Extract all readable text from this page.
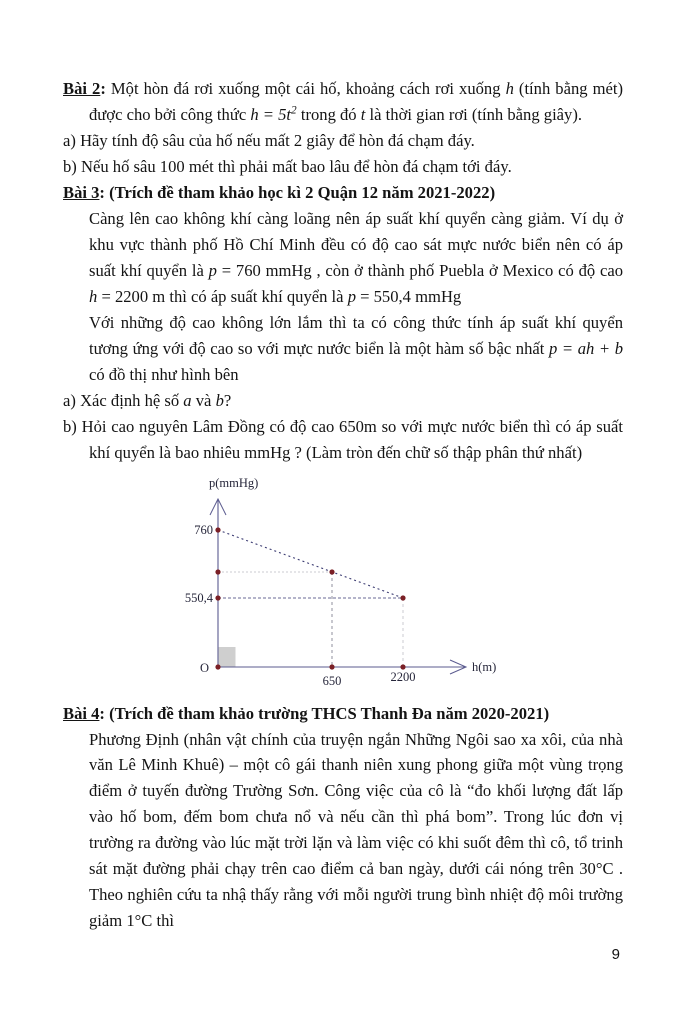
Bài 2: Một hòn đá rơi xuống một cái hố, khoảng cách rơi xuống h (tính bằng mét) được cho bởi công thức $h = 5t^2$ trong đó t là thời gian rơi (tính bằng giây).

a) Hãy tính độ sâu của hố nếu mất 2 giây để hòn đá chạm đáy.

b) Nếu hố sâu 100 mét thì phải mất bao lâu để hòn đá chạm tới đáy.

Bài 3: (Trích đề tham khảo học kì 2 Quận 12 năm 2021-2022)

Càng lên cao không khí càng loãng nên áp suất khí quyển càng giảm. Ví dụ ở khu vực thành phố Hồ Chí Minh đều có độ cao sát mực nước biển nên có áp suất khí quyển là p = 760 mmHg , còn ở thành phố Puebla ở Mexico có độ cao h = 2200 m thì có áp suất khí quyển là p = 550,4 mmHg

Với những độ cao không lớn lắm thì ta có công thức tính áp suất khí quyển tương ứng với độ cao so với mực nước biển là một hàm số bậc nhất p = ah + b có đồ thị như hình bên

a) Xác định hệ số a và b?

b) Hỏi cao nguyên Lâm Đồng có độ cao 650m so với mực nước biển thì có áp suất khí quyển là bao nhiêu mmHg ? (Làm tròn đến chữ số thập phân thứ nhất)

p(mmHg)
760
550,4
O
650	2200
h(m)

Bài 4: (Trích đề tham khảo trường THCS Thanh Đa năm 2020-2021)

Phương Định (nhân vật chính của truyện ngắn Những Ngôi sao xa xôi, của nhà văn Lê Minh Khuê) – một cô gái thanh niên xung phong giữa một vùng trọng điểm ở tuyến đường Trường Sơn. Công việc của cô là “đo khối lượng đất lấp vào hố bom, đếm bom chưa nổ và nếu cần thì phá bom”. Trong lúc đơn vị trường ra đường vào lúc mặt trời lặn và làm việc có khi suốt đêm thì cô, tổ trinh sát mặt đường phải chạy trên cao điểm cả ban ngày, dưới cái nóng trên 30°C . Theo nghiên cứu ta nhậ thấy rằng với mỗi người trung bình nhiệt độ môi trường giảm 1°C thì

9
